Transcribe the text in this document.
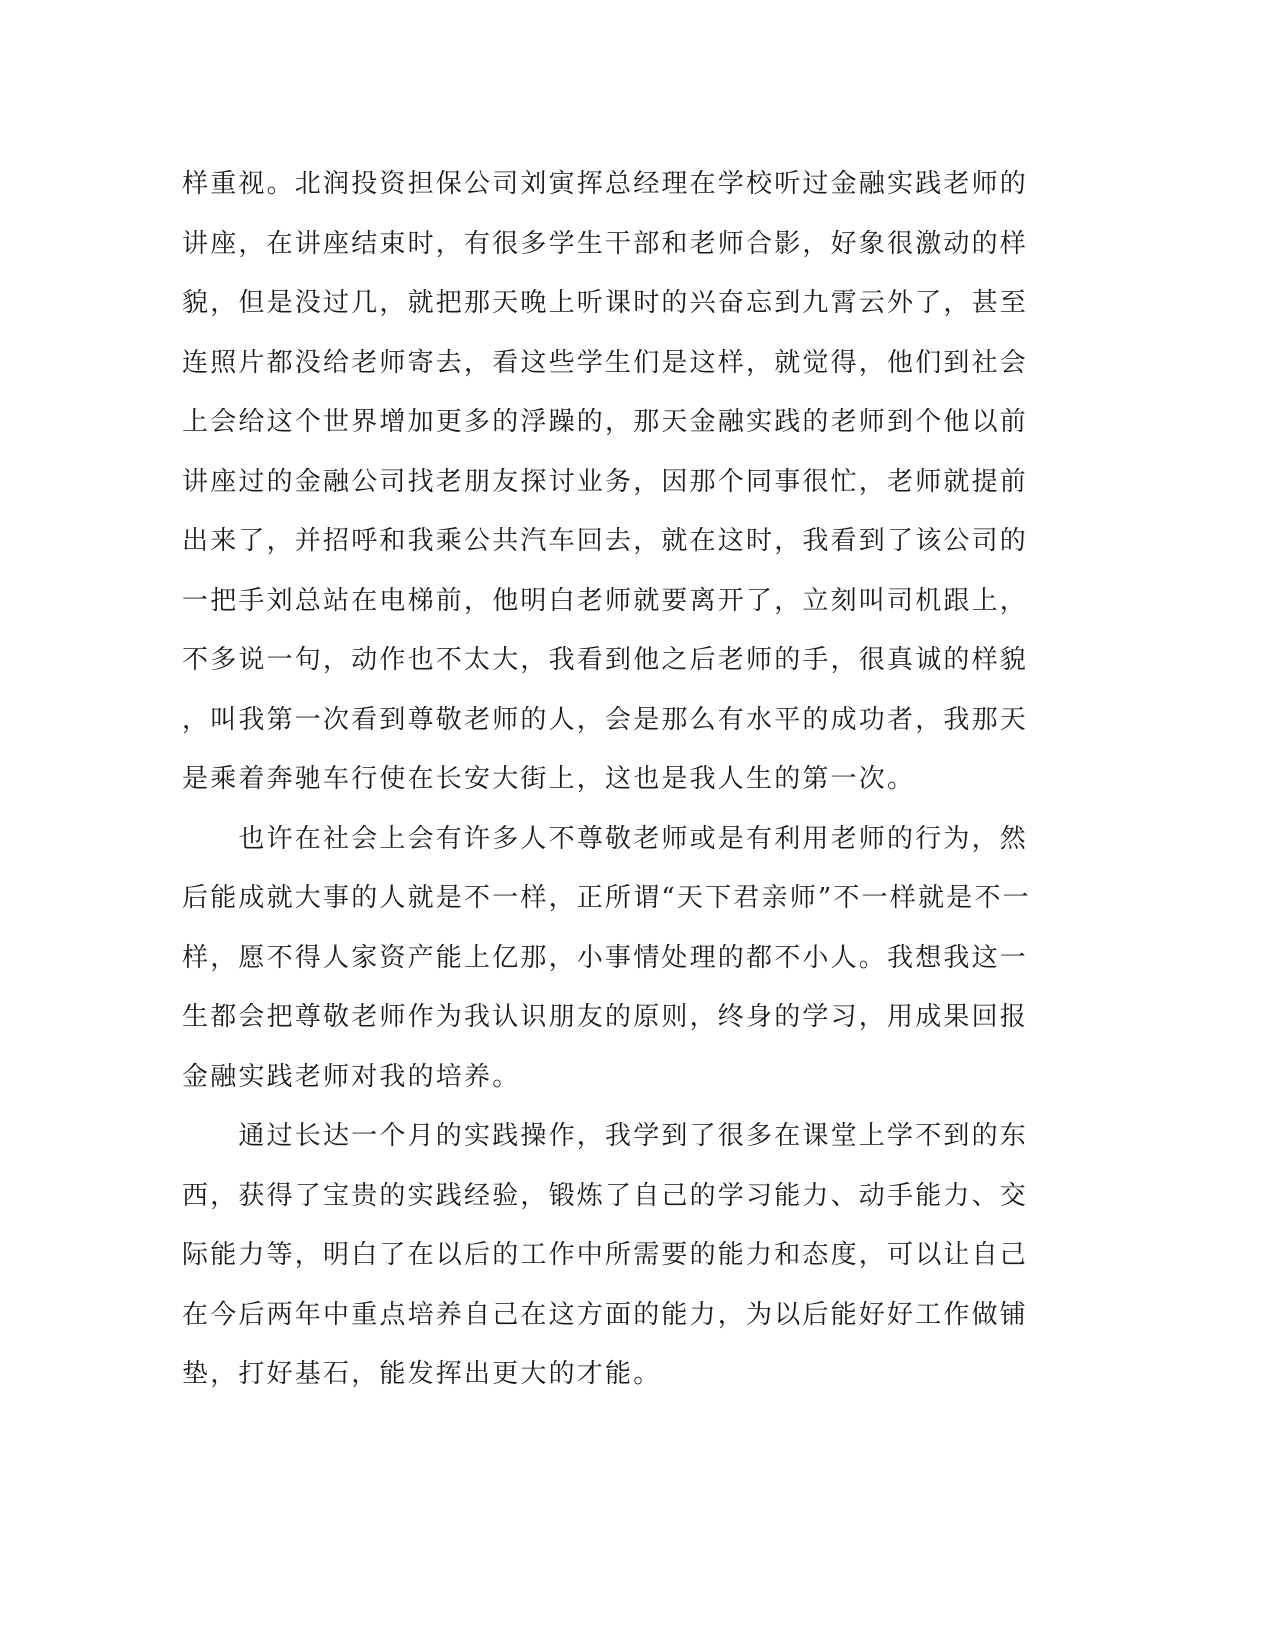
样重视。北润投资担保公司刘寅挥总经理在学校听过金融实践老师的
讲座，在讲座结束时，有很多学生干部和老师合影，好象很激动的样
貌，但是没过几，就把那天晚上听课时的兴奋忘到九霄云外了，甚至
连照片都没给老师寄去，看这些学生们是这样，就觉得，他们到社会
上会给这个世界增加更多的浮躁的，那天金融实践的老师到个他以前
讲座过的金融公司找老朋友探讨业务，因那个同事很忙，老师就提前
出来了，并招呼和我乘公共汽车回去，就在这时，我看到了该公司的
一把手刘总站在电梯前，他明白老师就要离开了，立刻叫司机跟上，
不多说一句，动作也不太大，我看到他之后老师的手，很真诚的样貌
，叫我第一次看到尊敬老师的人，会是那么有水平的成功者，我那天
是乘着奔驰车行使在长安大街上，这也是我人生的第一次。
　　也许在社会上会有许多人不尊敬老师或是有利用老师的行为，然
后能成就大事的人就是不一样，正所谓“天下君亲师”不一样就是不一
样，愿不得人家资产能上亿那，小事情处理的都不小人。我想我这一
生都会把尊敬老师作为我认识朋友的原则，终身的学习，用成果回报
金融实践老师对我的培养。
　　通过长达一个月的实践操作，我学到了很多在课堂上学不到的东
西，获得了宝贵的实践经验，锻炼了自己的学习能力、动手能力、交
际能力等，明白了在以后的工作中所需要的能力和态度，可以让自己
在今后两年中重点培养自己在这方面的能力，为以后能好好工作做铺
垫，打好基石，能发挥出更大的才能。
